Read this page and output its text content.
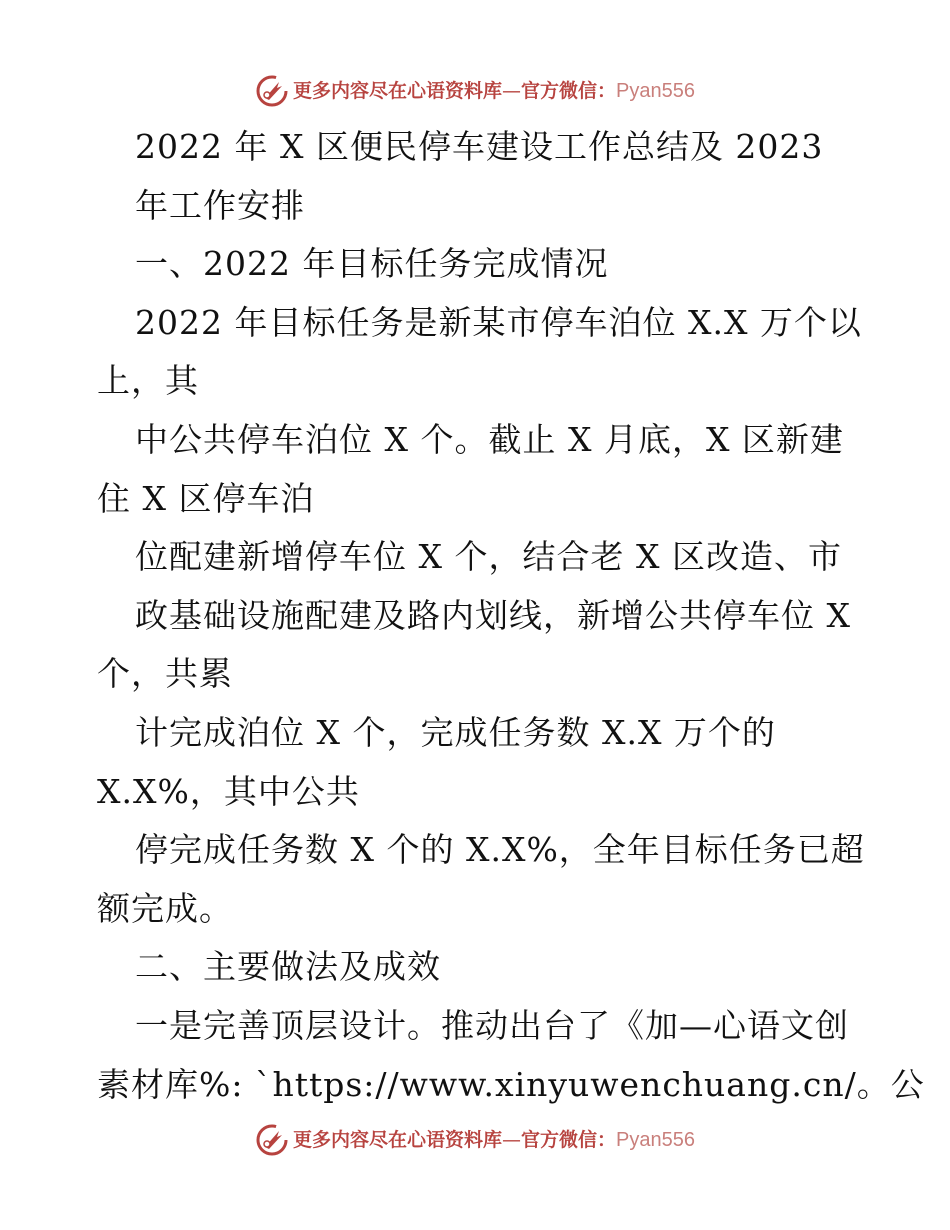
更多内容尽在心语资料库 — 官方微信： Pyan556
2022 年 X 区便民停车建设工作总结及 2023
年工作安排
一、2022 年目标任务完成情况
2022 年目标任务是新某市停车泊位 X.X 万个以
上，其
中公共停车泊位 X 个。截止 X 月底，X 区新建
住 X 区停车泊
位配建新增停车位 X 个，结合老 X 区改造、市
政基础设施配建及路内划线，新增公共停车位 X
个，共累
计完成泊位 X 个，完成任务数 X.X 万个的
X.X%，其中公共
停完成任务数 X 个的 X.X%，全年目标任务已超
额完成。
二、主要做法及成效
一是完善顶层设计。推动出台了《加—心语文创
素材库%: `https://www.xinyuwenchuang.cn/。公
更多内容尽在心语资料库 — 官方微信： Pyan556
